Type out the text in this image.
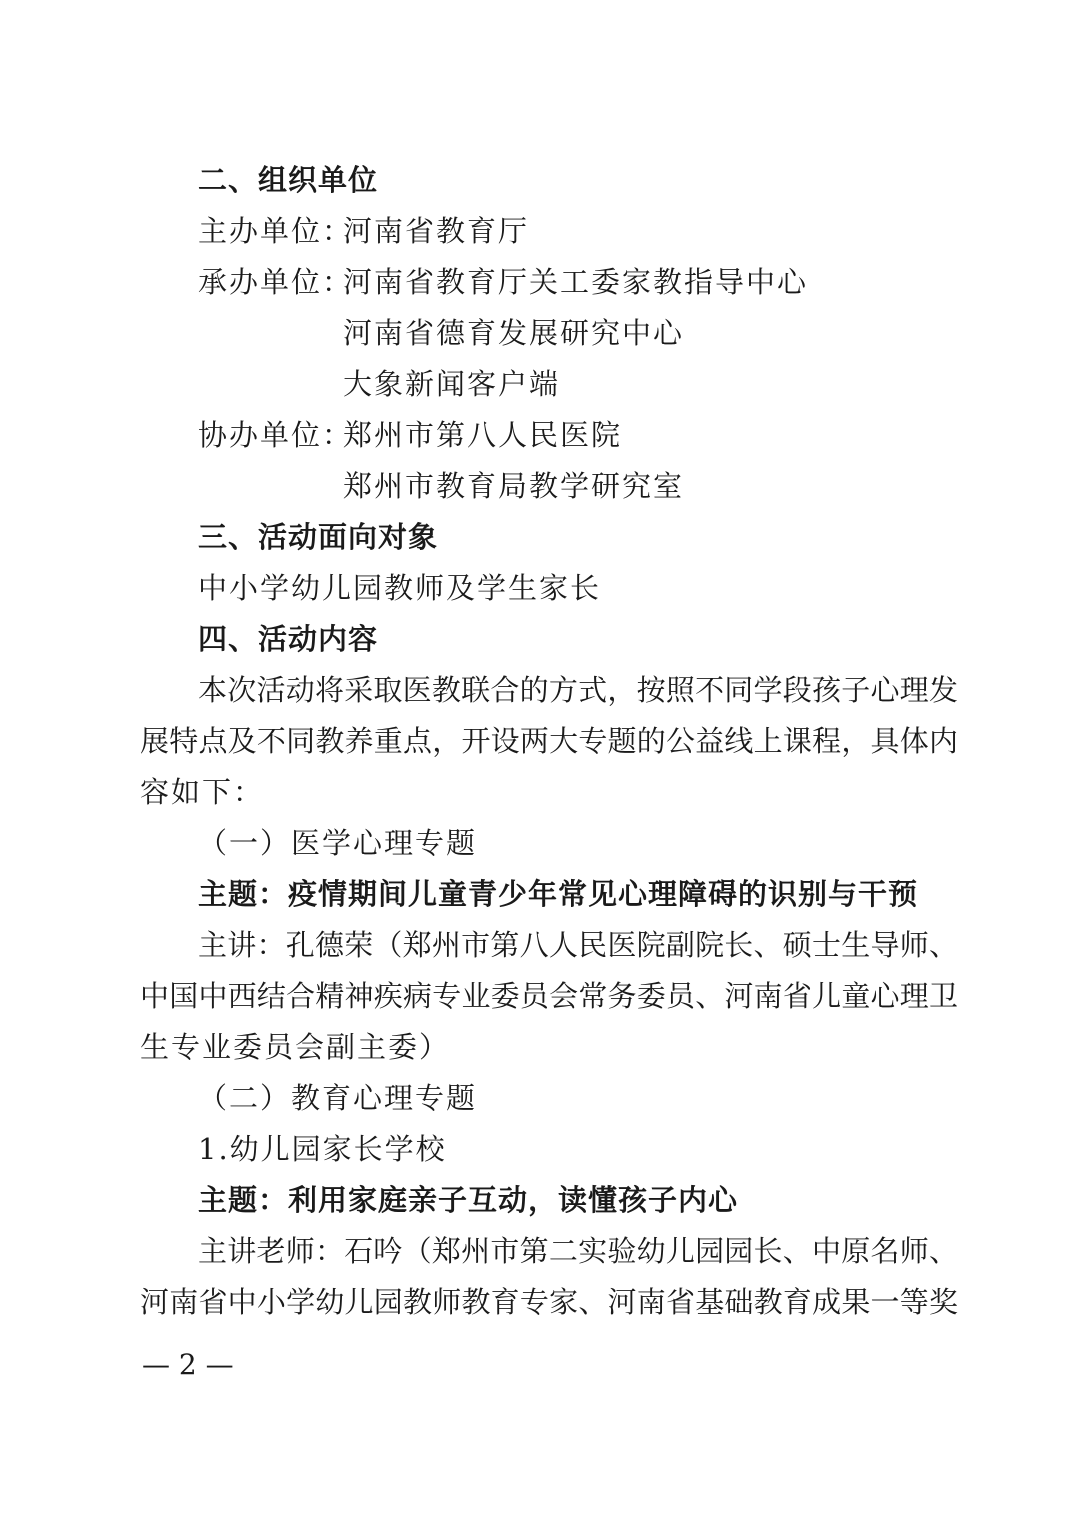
二、组织单位
主办单位：
河南省教育厅
承办单位：
河南省教育厅关工委家教指导中心
河南省德育发展研究中心
大象新闻客户端
协办单位：
郑州市第八人民医院
郑州市教育局教学研究室
三、活动面向对象
中小学幼儿园教师及学生家长
四、活动内容
本次活动将采取医教联合的方式，按照不同学段孩子心理发
展特点及不同教养重点，开设两大专题的公益线上课程，具体内
容如下：
（一）医学心理专题
主题：疫情期间儿童青少年常见心理障碍的识别与干预
主讲：孔德荣（郑州市第八人民医院副院长、硕士生导师、
中国中西结合精神疾病专业委员会常务委员、河南省儿童心理卫
生专业委员会副主委）
（二）教育心理专题
1.幼儿园家长学校
主题：利用家庭亲子互动，读懂孩子内心
主讲老师：石吟（郑州市第二实验幼儿园园长、中原名师、
河南省中小学幼儿园教师教育专家、河南省基础教育成果一等奖
— 2 —
